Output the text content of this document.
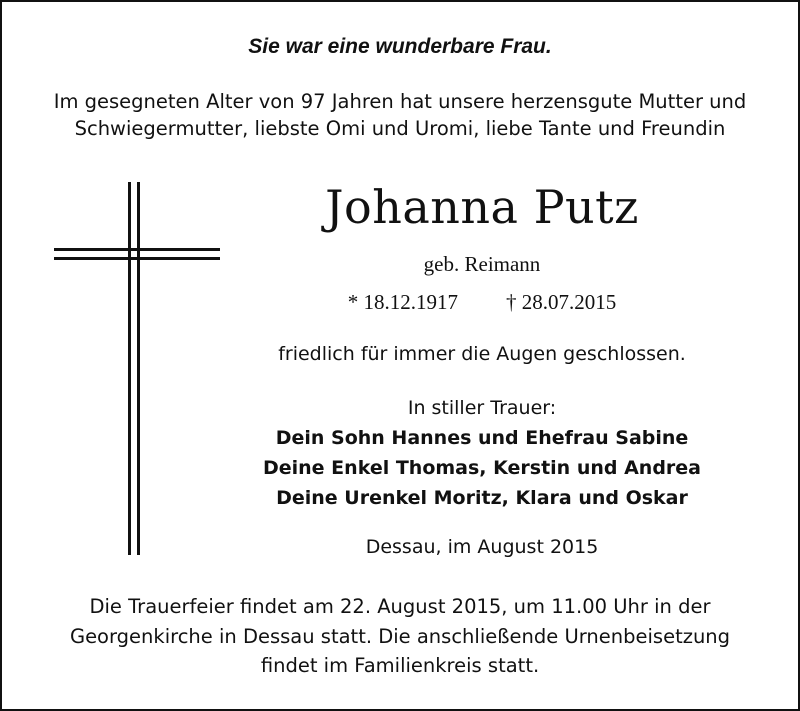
Sie war eine wunderbare Frau.
Im gesegneten Alter von 97 Jahren hat unsere herzensgute Mutter und
Schwiegermutter, liebste Omi und Uromi, liebe Tante und Freundin
Johanna Putz
geb. Reimann
* 18.12.1917 † 28.07.2015
friedlich für immer die Augen geschlossen.
In stiller Trauer:
Dein Sohn Hannes und Ehefrau Sabine
Deine Enkel Thomas, Kerstin und Andrea
Deine Urenkel Moritz, Klara und Oskar
Dessau, im August 2015
Die Trauerfeier findet am 22. August 2015, um 11.00 Uhr in der
Georgenkirche in Dessau statt. Die anschließende Urnenbeisetzung
findet im Familienkreis statt.
